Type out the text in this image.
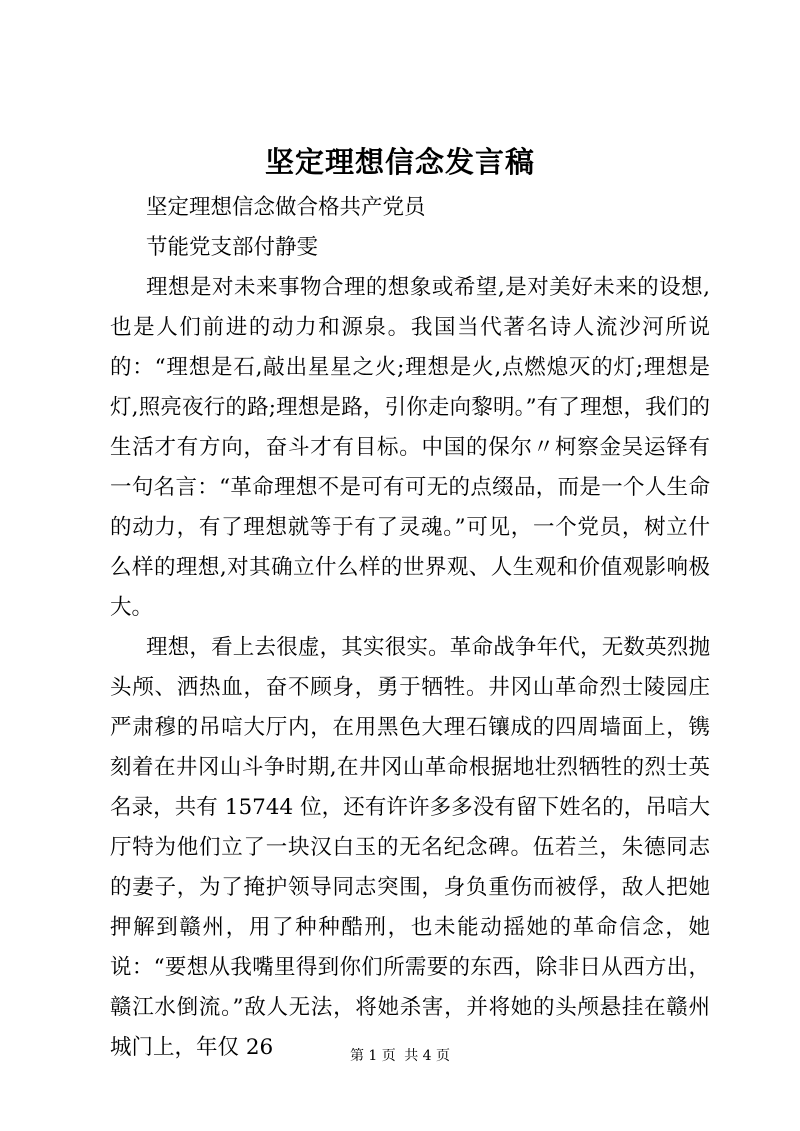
坚定理想信念发言稿

坚定理想信念做合格共产党员

节能党支部付静雯

理想是对未来事物合理的想象或希望,是对美好未来的设想,也是人们前进的动力和源泉。我国当代著名诗人流沙河所说的：“理想是石,敲出星星之火;理想是火,点燃熄灭的灯;理想是灯,照亮夜行的路;理想是路，引你走向黎明。”有了理想，我们的生活才有方向，奋斗才有目标。中国的保尔〃柯察金吴运铎有一句名言：“革命理想不是可有可无的点缀品，而是一个人生命的动力，有了理想就等于有了灵魂。”可见，一个党员，树立什么样的理想,对其确立什么样的世界观、人生观和价值观影响极大。

理想，看上去很虚，其实很实。革命战争年代，无数英烈抛头颅、洒热血，奋不顾身，勇于牺牲。井冈山革命烈士陵园庄严肃穆的吊唁大厅内，在用黑色大理石镶成的四周墙面上，镌刻着在井冈山斗争时期,在井冈山革命根据地壮烈牺牲的烈士英名录，共有 15744 位，还有许许多多没有留下姓名的，吊唁大厅特为他们立了一块汉白玉的无名纪念碑。伍若兰，朱德同志的妻子，为了掩护领导同志突围，身负重伤而被俘，敌人把她押解到赣州，用了种种酷刑，也未能动摇她的革命信念，她说：“要想从我嘴里得到你们所需要的东西，除非日从西方出，赣江水倒流。”敌人无法，将她杀害，并将她的头颅悬挂在赣州城门上，年仅 26	第 1 页 共 4 页
